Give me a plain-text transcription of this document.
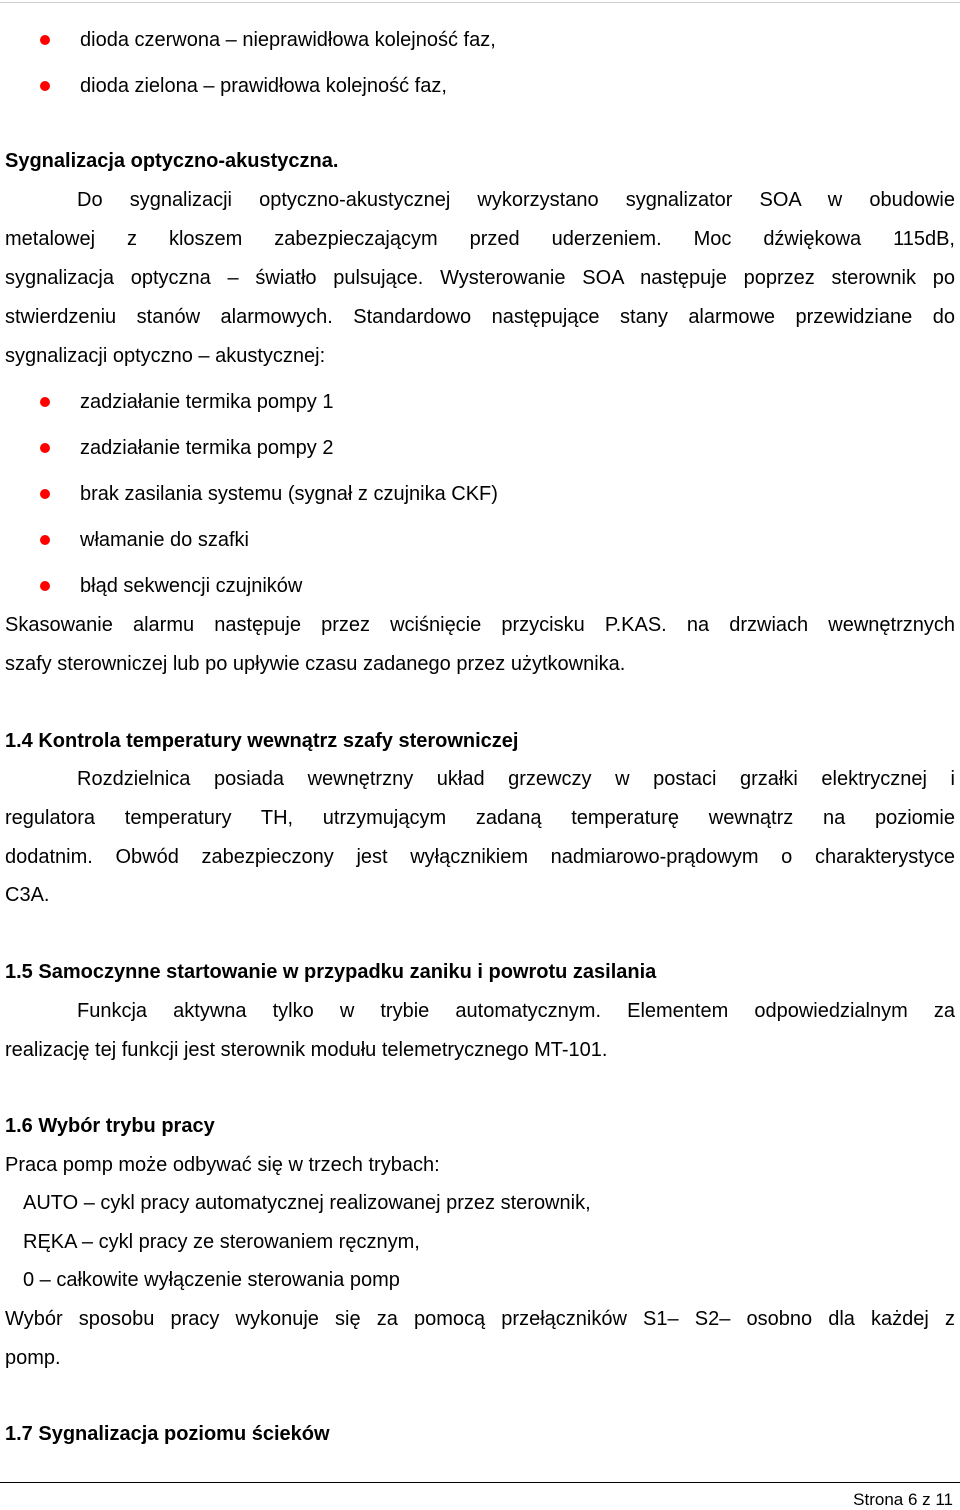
dioda czerwona – nieprawidłowa kolejność faz,
dioda zielona – prawidłowa kolejność faz,
Sygnalizacja optyczno-akustyczna.
Do sygnalizacji optyczno-akustycznej wykorzystano sygnalizator SOA w obudowie
metalowej z kloszem zabezpieczającym przed uderzeniem. Moc dźwiękowa 115dB,
sygnalizacja optyczna – światło pulsujące. Wysterowanie SOA następuje poprzez sterownik po
stwierdzeniu stanów alarmowych. Standardowo następujące stany alarmowe przewidziane do
sygnalizacji optyczno – akustycznej:
zadziałanie termika pompy 1
zadziałanie termika pompy 2
brak zasilania systemu (sygnał z czujnika CKF)
włamanie do szafki
błąd sekwencji czujników
Skasowanie alarmu następuje przez wciśnięcie przycisku P.KAS. na drzwiach wewnętrznych
szafy sterowniczej lub po upływie czasu zadanego przez użytkownika.
1.4 Kontrola temperatury wewnątrz szafy sterowniczej
Rozdzielnica posiada wewnętrzny układ grzewczy w postaci grzałki elektrycznej i
regulatora temperatury TH, utrzymującym zadaną temperaturę wewnątrz na poziomie
dodatnim. Obwód zabezpieczony jest wyłącznikiem nadmiarowo-prądowym o charakterystyce
C3A.
1.5 Samoczynne startowanie w przypadku zaniku i powrotu zasilania
Funkcja aktywna tylko w trybie automatycznym. Elementem odpowiedzialnym za
realizację tej funkcji jest sterownik modułu telemetrycznego MT-101.
1.6 Wybór trybu pracy
Praca pomp może odbywać się w trzech trybach:
AUTO – cykl pracy automatycznej realizowanej przez sterownik,
RĘKA – cykl pracy ze sterowaniem ręcznym,
0 – całkowite wyłączenie sterowania pomp
Wybór sposobu pracy wykonuje się za pomocą przełączników S1– S2– osobno dla każdej z
pomp.
1.7 Sygnalizacja poziomu ścieków
Strona 6 z 11
